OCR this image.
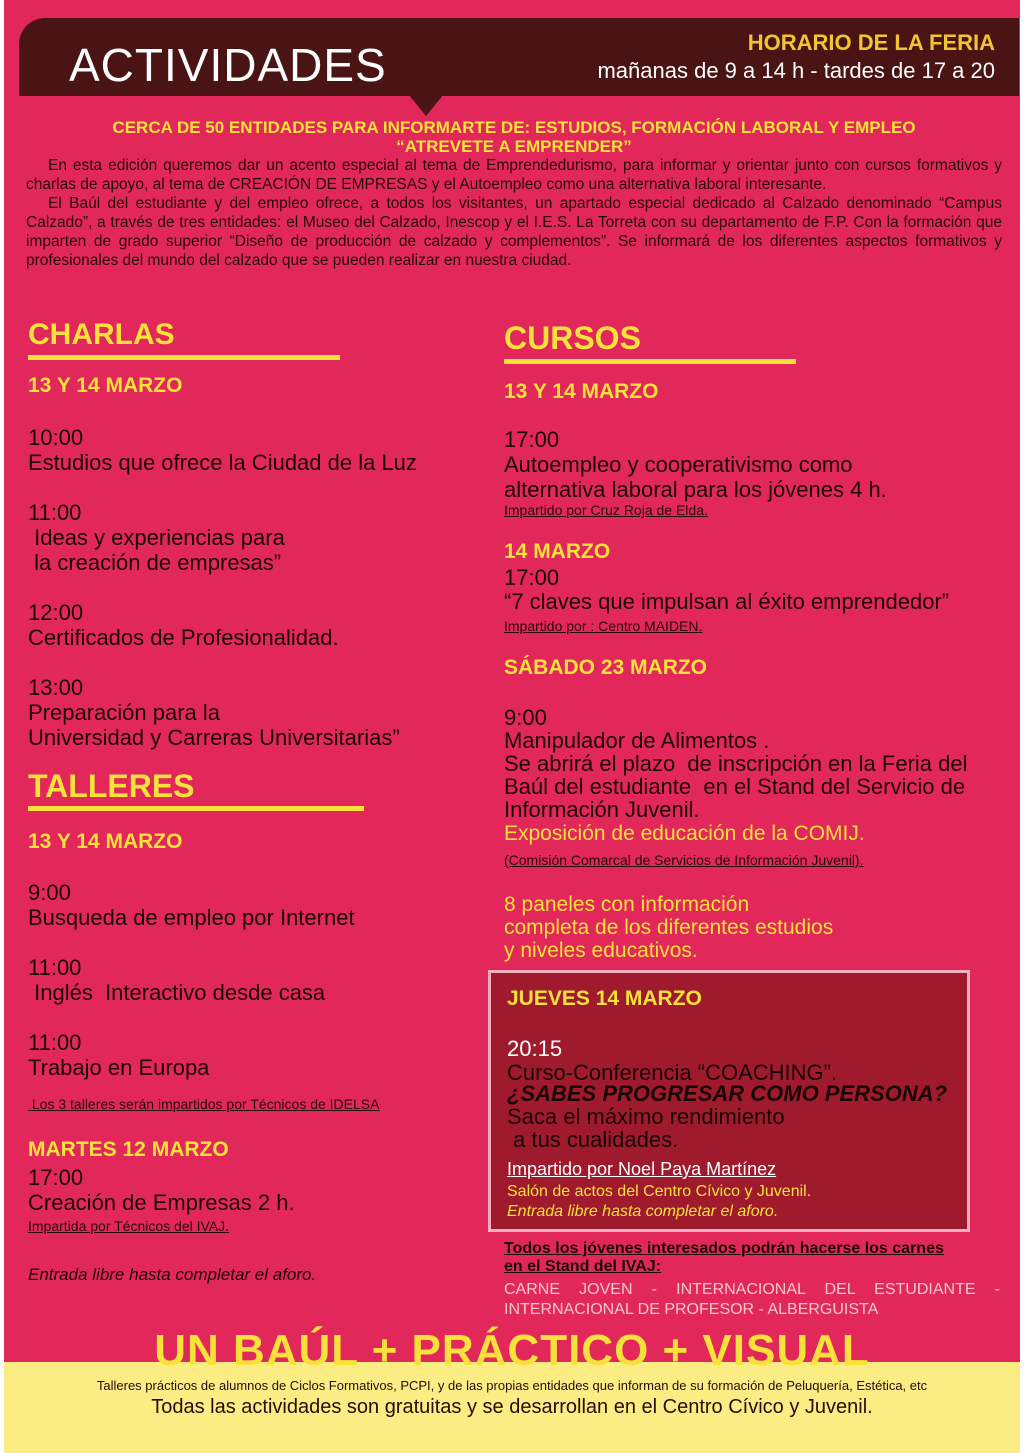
ACTIVIDADES	HORARIO DE LA FERIA
mañanas de 9 a 14 h - tardes de 17 a 20
CERCA DE 50 ENTIDADES PARA INFORMARTE DE: ESTUDIOS, FORMACIÓN LABORAL Y EMPLEO
“ATREVETE A EMPRENDER”

En esta edición queremos dar un acento especial al tema de Emprendedurismo, para informar y orientar junto con cursos formativos y charlas de apoyo, al tema de CREACIÓN DE EMPRESAS y el Autoempleo como una alternativa laboral interesante.

El Baúl del estudiante y del empleo ofrece, a todos los visitantes, un apartado especial dedicado al Calzado denominado “Campus Calzado”, a través de tres entidades: el Museo del Calzado, Inescop y el I.E.S. La Torreta con su departamento de F.P. Con la formación que imparten de grado superior “Diseño de producción de calzado y complementos”. Se informará de los diferentes aspectos formativos y profesionales del mundo del calzado que se pueden realizar en nuestra ciudad.

CHARLAS
13 Y 14 MARZO
10:00
Estudios que ofrece la Ciudad de la Luz
11:00
Ideas y experiencias para
la creación de empresas”
12:00
Certificados de Profesionalidad.
13:00
Preparación para la
Universidad y Carreras Universitarias”
TALLERES
13 Y 14 MARZO
9:00
Busqueda de empleo por Internet
11:00
Inglés  Interactivo desde casa
11:00
Trabajo en Europa
Los 3 talleres serán impartidos por Técnicos de IDELSA
MARTES 12 MARZO
17:00
Creación de Empresas 2 h.
Impartida por Técnicos del IVAJ.
Entrada libre hasta completar el aforo.
CURSOS
13 Y 14 MARZO
17:00
Autoempleo y cooperativismo como
alternativa laboral para los jóvenes 4 h.
Impartido por Cruz Roja de Elda.
14 MARZO
17:00
“7 claves que impulsan al éxito emprendedor”
Impartido por : Centro MAIDEN.
SÁBADO 23 MARZO
9:00
Manipulador de Alimentos .
Se abrirá el plazo  de inscripción en la Feria del
Baúl del estudiante  en el Stand del Servicio de
Información Juvenil.
Exposición de educación de la COMIJ.
(Comisión Comarcal de Servicios de Información Juvenil).
8 paneles con información
completa de los diferentes estudios
y niveles educativos.
JUEVES 14 MARZO
20:15
Curso-Conferencia “COACHING”.
¿SABES PROGRESAR COMO PERSONA?
Saca el máximo rendimiento
a tus cualidades.
Impartido por Noel Paya Martínez
Salón de actos del Centro Cívico y Juvenil.
Entrada libre hasta completar el aforo.
Todos los jóvenes interesados podrán hacerse los carnes
en el Stand del IVAJ:
CARNE JOVEN - INTERNACIONAL DEL ESTUDIANTE - INTERNACIONAL DE PROFESOR - ALBERGUISTA
UN BAÚL + PRÁCTICO + VISUAL
Talleres prácticos de alumnos de Ciclos Formativos, PCPI, y de las propias entidades que informan de su formación de Peluquería, Estética, etc
Todas las actividades son gratuitas y se desarrollan en el Centro Cívico y Juvenil.
